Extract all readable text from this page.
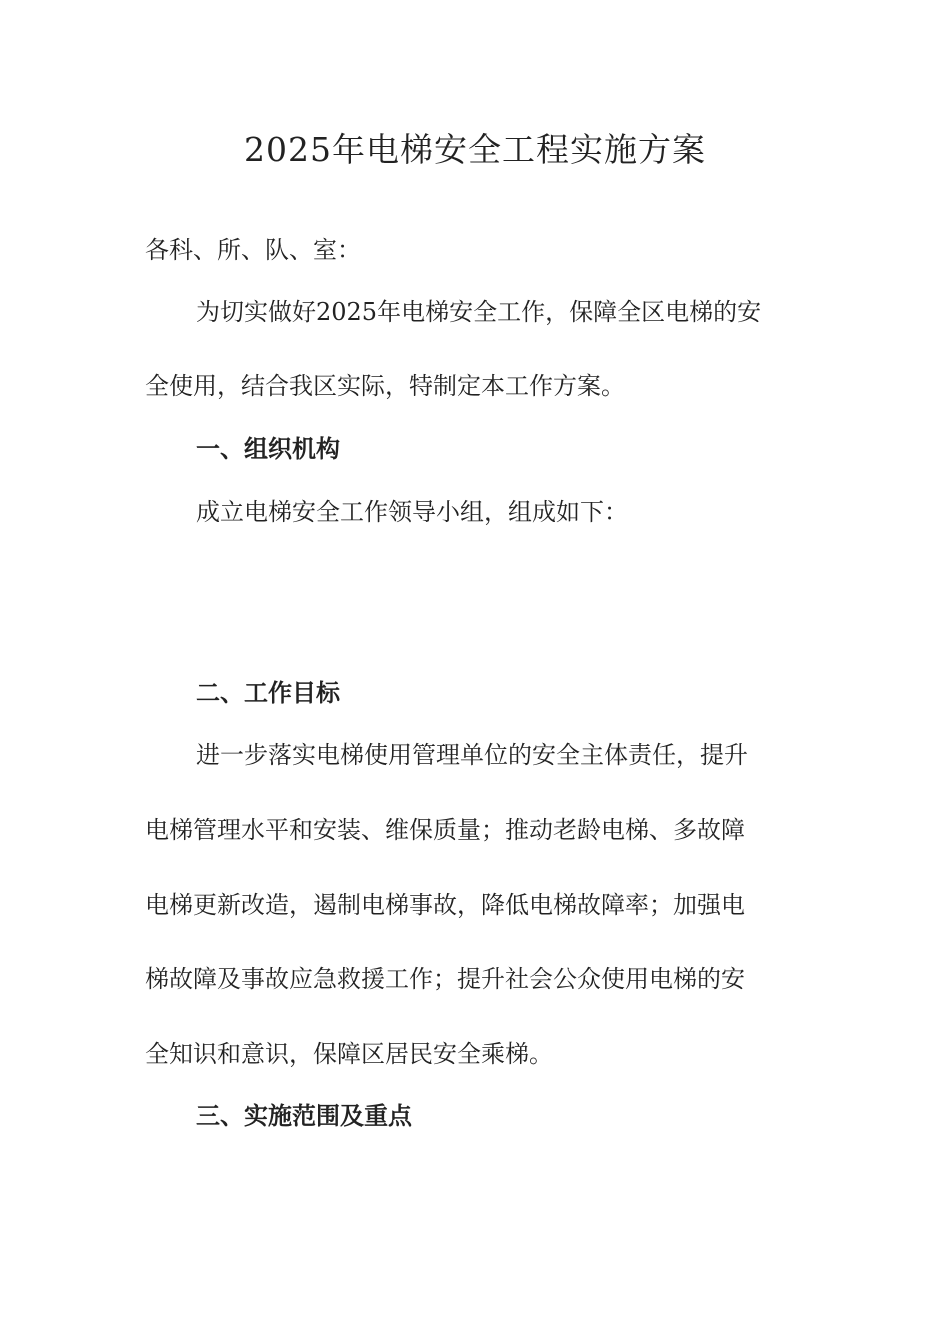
2025年电梯安全工程实施方案

各科、所、队、室：

为切实做好2025年电梯安全工作，保障全区电梯的安

全使用，结合我区实际，特制定本工作方案。

一、组织机构

成立电梯安全工作领导小组，组成如下：

二、工作目标

进一步落实电梯使用管理单位的安全主体责任，提升

电梯管理水平和安装、维保质量；推动老龄电梯、多故障

电梯更新改造，遏制电梯事故，降低电梯故障率；加强电

梯故障及事故应急救援工作；提升社会公众使用电梯的安

全知识和意识，保障区居民安全乘梯。

三、实施范围及重点
